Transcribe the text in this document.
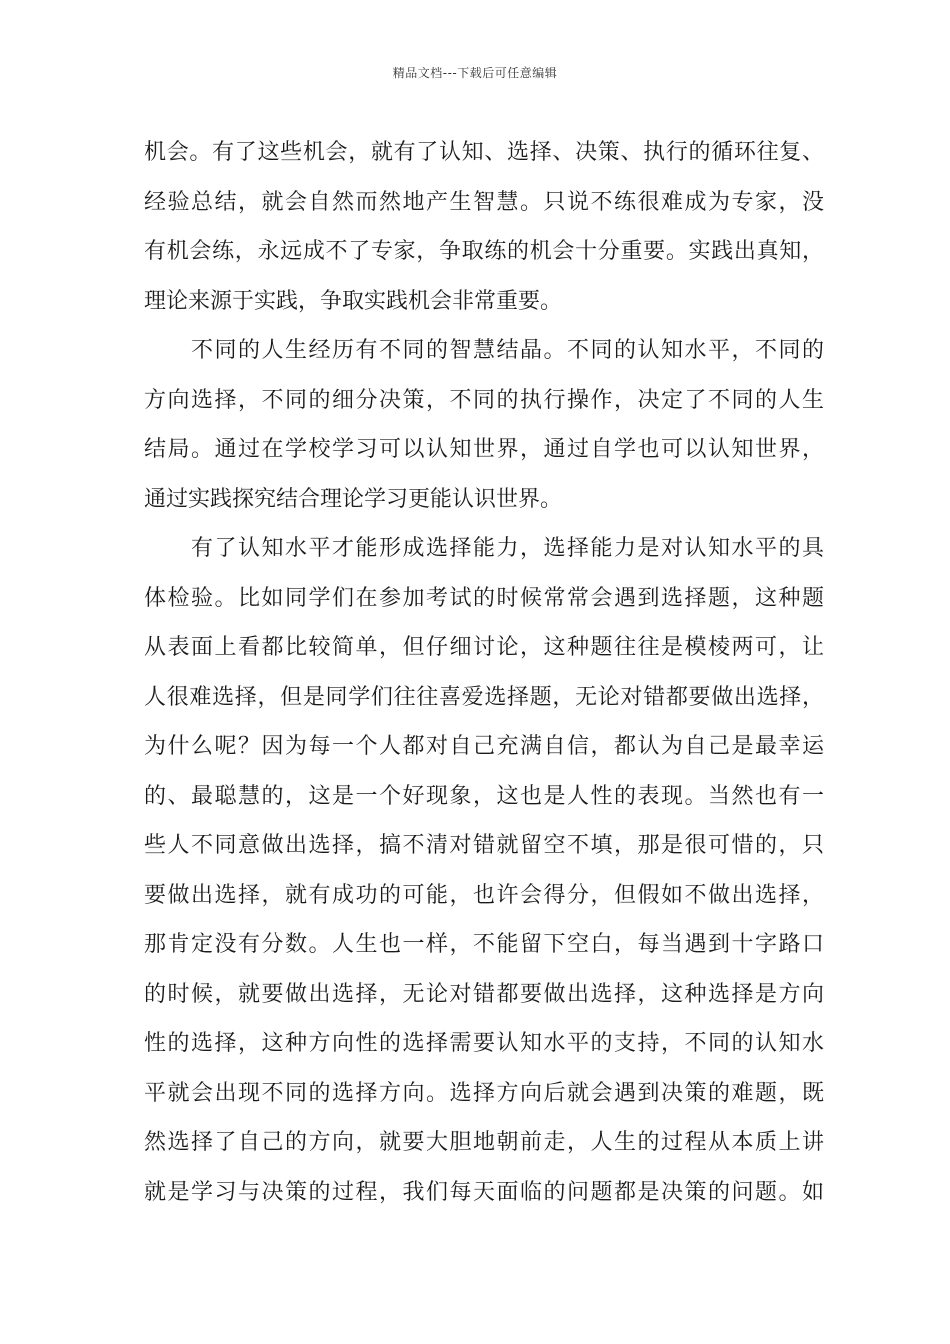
精品文档---下载后可任意编辑
机会。有了这些机会，就有了认知、选择、决策、执行的循环往复、
经验总结，就会自然而然地产生智慧。只说不练很难成为专家，没
有机会练，永远成不了专家，争取练的机会十分重要。实践出真知，
理论来源于实践，争取实践机会非常重要。
　　不同的人生经历有不同的智慧结晶。不同的认知水平，不同的
方向选择，不同的细分决策，不同的执行操作，决定了不同的人生
结局。通过在学校学习可以认知世界，通过自学也可以认知世界，
通过实践探究结合理论学习更能认识世界。
　　有了认知水平才能形成选择能力，选择能力是对认知水平的具
体检验。比如同学们在参加考试的时候常常会遇到选择题，这种题
从表面上看都比较简单，但仔细讨论，这种题往往是模棱两可，让
人很难选择，但是同学们往往喜爱选择题，无论对错都要做出选择，
为什么呢？因为每一个人都对自己充满自信，都认为自己是最幸运
的、最聪慧的，这是一个好现象，这也是人性的表现。当然也有一
些人不同意做出选择，搞不清对错就留空不填，那是很可惜的，只
要做出选择，就有成功的可能，也许会得分，但假如不做出选择，
那肯定没有分数。人生也一样，不能留下空白，每当遇到十字路口
的时候，就要做出选择，无论对错都要做出选择，这种选择是方向
性的选择，这种方向性的选择需要认知水平的支持，不同的认知水
平就会出现不同的选择方向。选择方向后就会遇到决策的难题，既
然选择了自己的方向，就要大胆地朝前走，人生的过程从本质上讲
就是学习与决策的过程，我们每天面临的问题都是决策的问题。如
